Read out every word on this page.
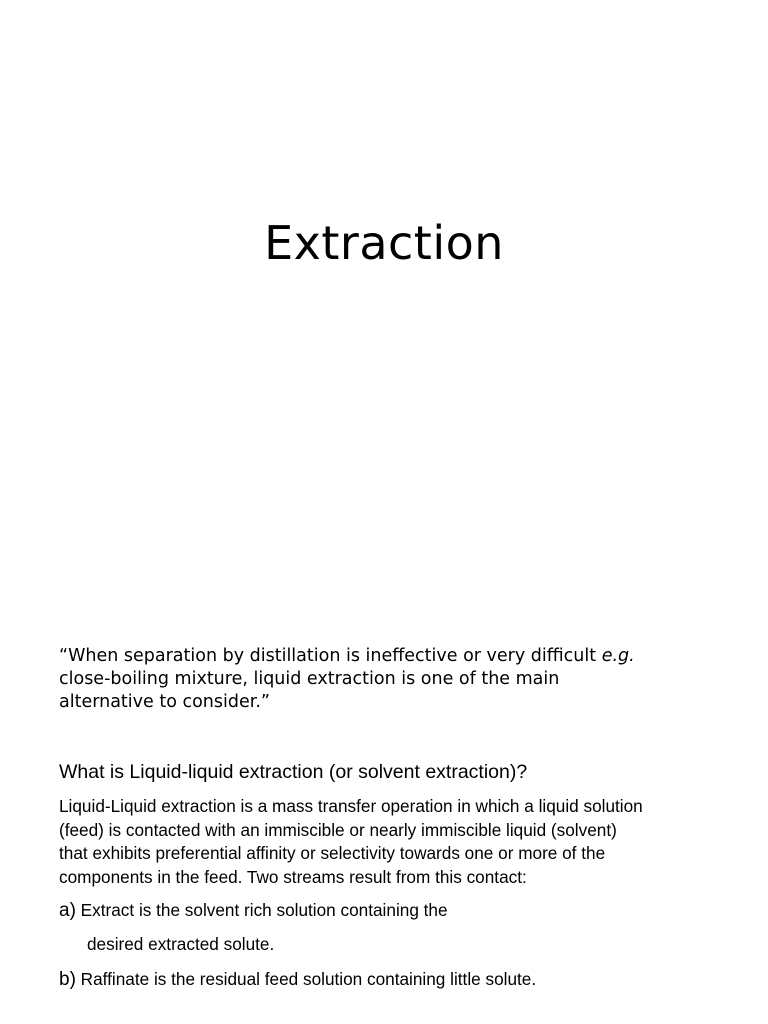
Extraction
“When separation by distillation is ineffective or very difficult e.g.
close-boiling mixture, liquid extraction is one of the main
alternative to consider.”
What is Liquid-liquid extraction (or solvent extraction)?
Liquid-Liquid extraction is a mass transfer operation in which a liquid solution
(feed) is contacted with an immiscible or nearly immiscible liquid (solvent)
that exhibits preferential affinity or selectivity towards one or more of the
components in the feed. Two streams result from this contact:
a) Extract is the solvent rich solution containing the
desired extracted solute.
b) Raffinate is the residual feed solution containing little solute.
